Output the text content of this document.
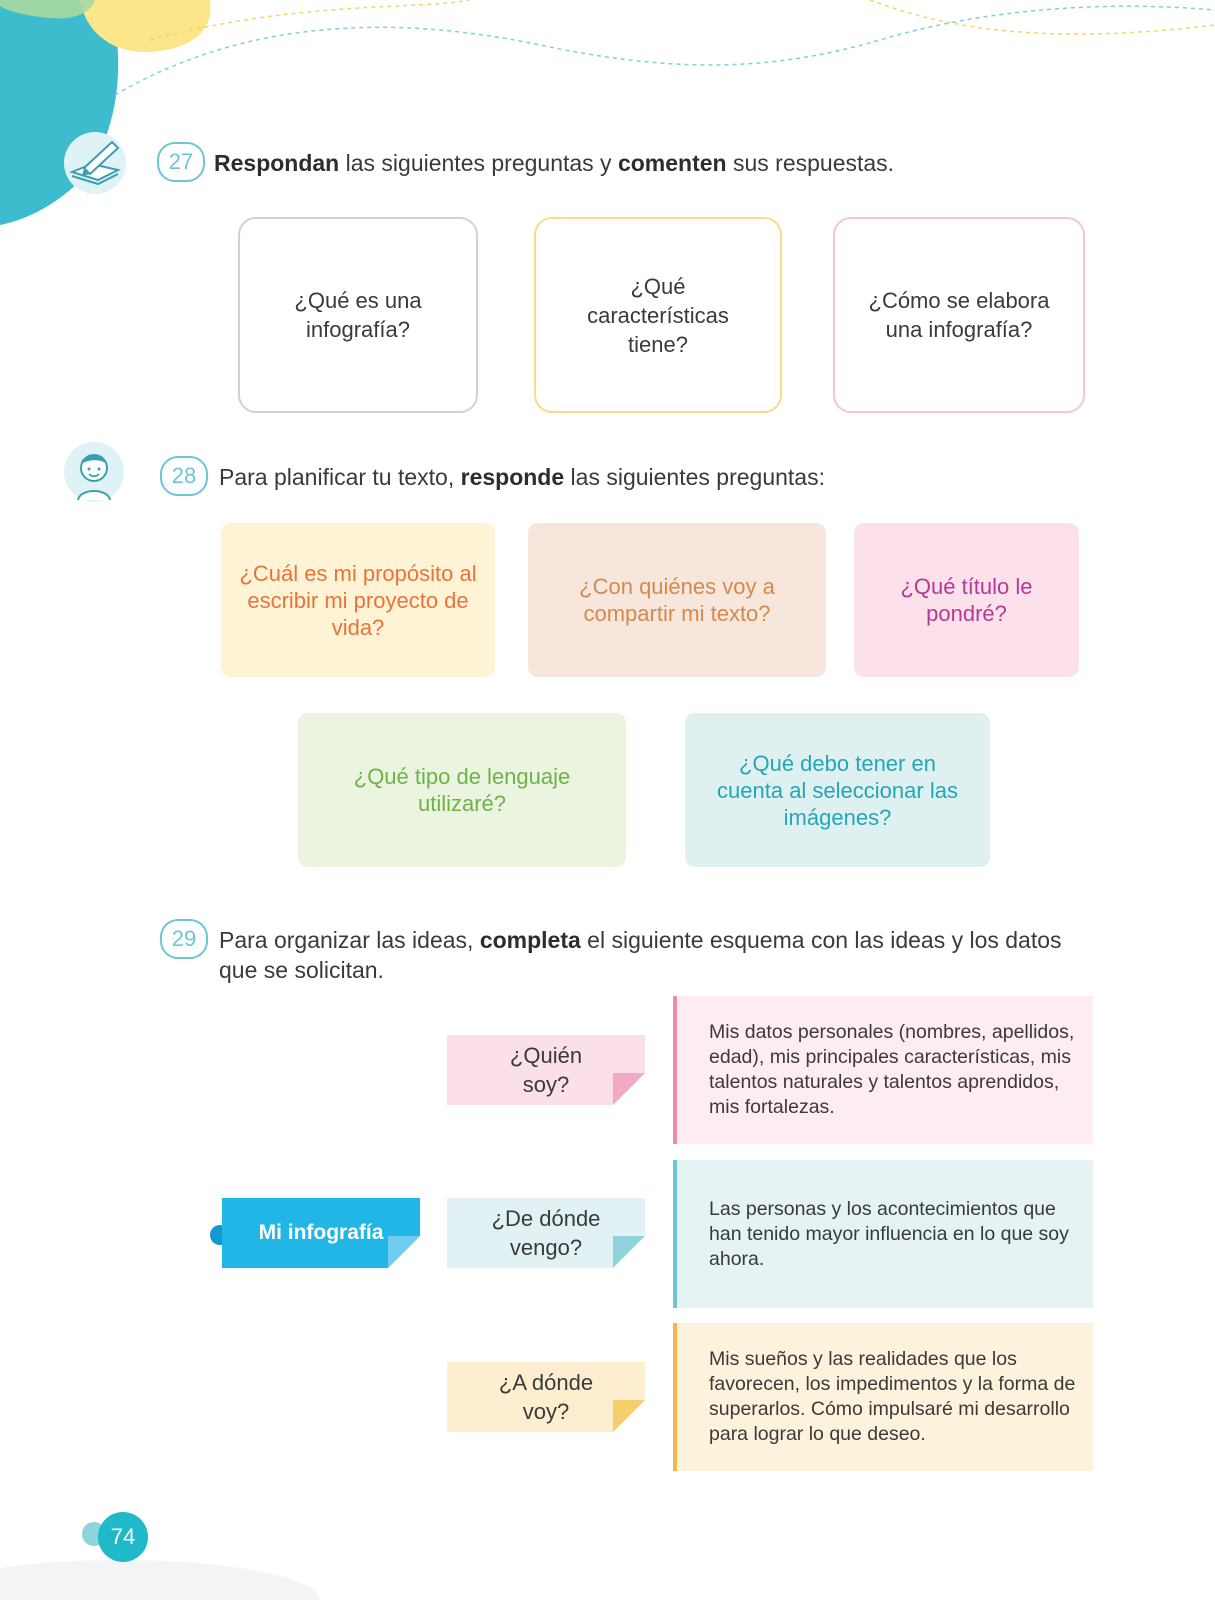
27 Respondan las siguientes preguntas y comenten sus respuestas.
¿Qué es una infografía?
¿Qué características tiene?
¿Cómo se elabora una infografía?
28 Para planificar tu texto, responde las siguientes preguntas:
¿Cuál es mi propósito al escribir mi proyecto de vida?
¿Con quiénes voy a compartir mi texto?
¿Qué título le pondré?
¿Qué tipo de lenguaje utilizaré?
¿Qué debo tener en cuenta al seleccionar las imágenes?
29 Para organizar las ideas, completa el siguiente esquema con las ideas y los datos que se solicitan.
Mi infografía
¿Quién soy?
Mis datos personales (nombres, apellidos, edad), mis principales características, mis talentos naturales y talentos aprendidos, mis fortalezas.
¿De dónde vengo?
Las personas y los acontecimientos que han tenido mayor influencia en lo que soy ahora.
¿A dónde voy?
Mis sueños y las realidades que los favorecen, los impedimentos y la forma de superarlos. Cómo impulsaré mi desarrollo para lograr lo que deseo.
74
